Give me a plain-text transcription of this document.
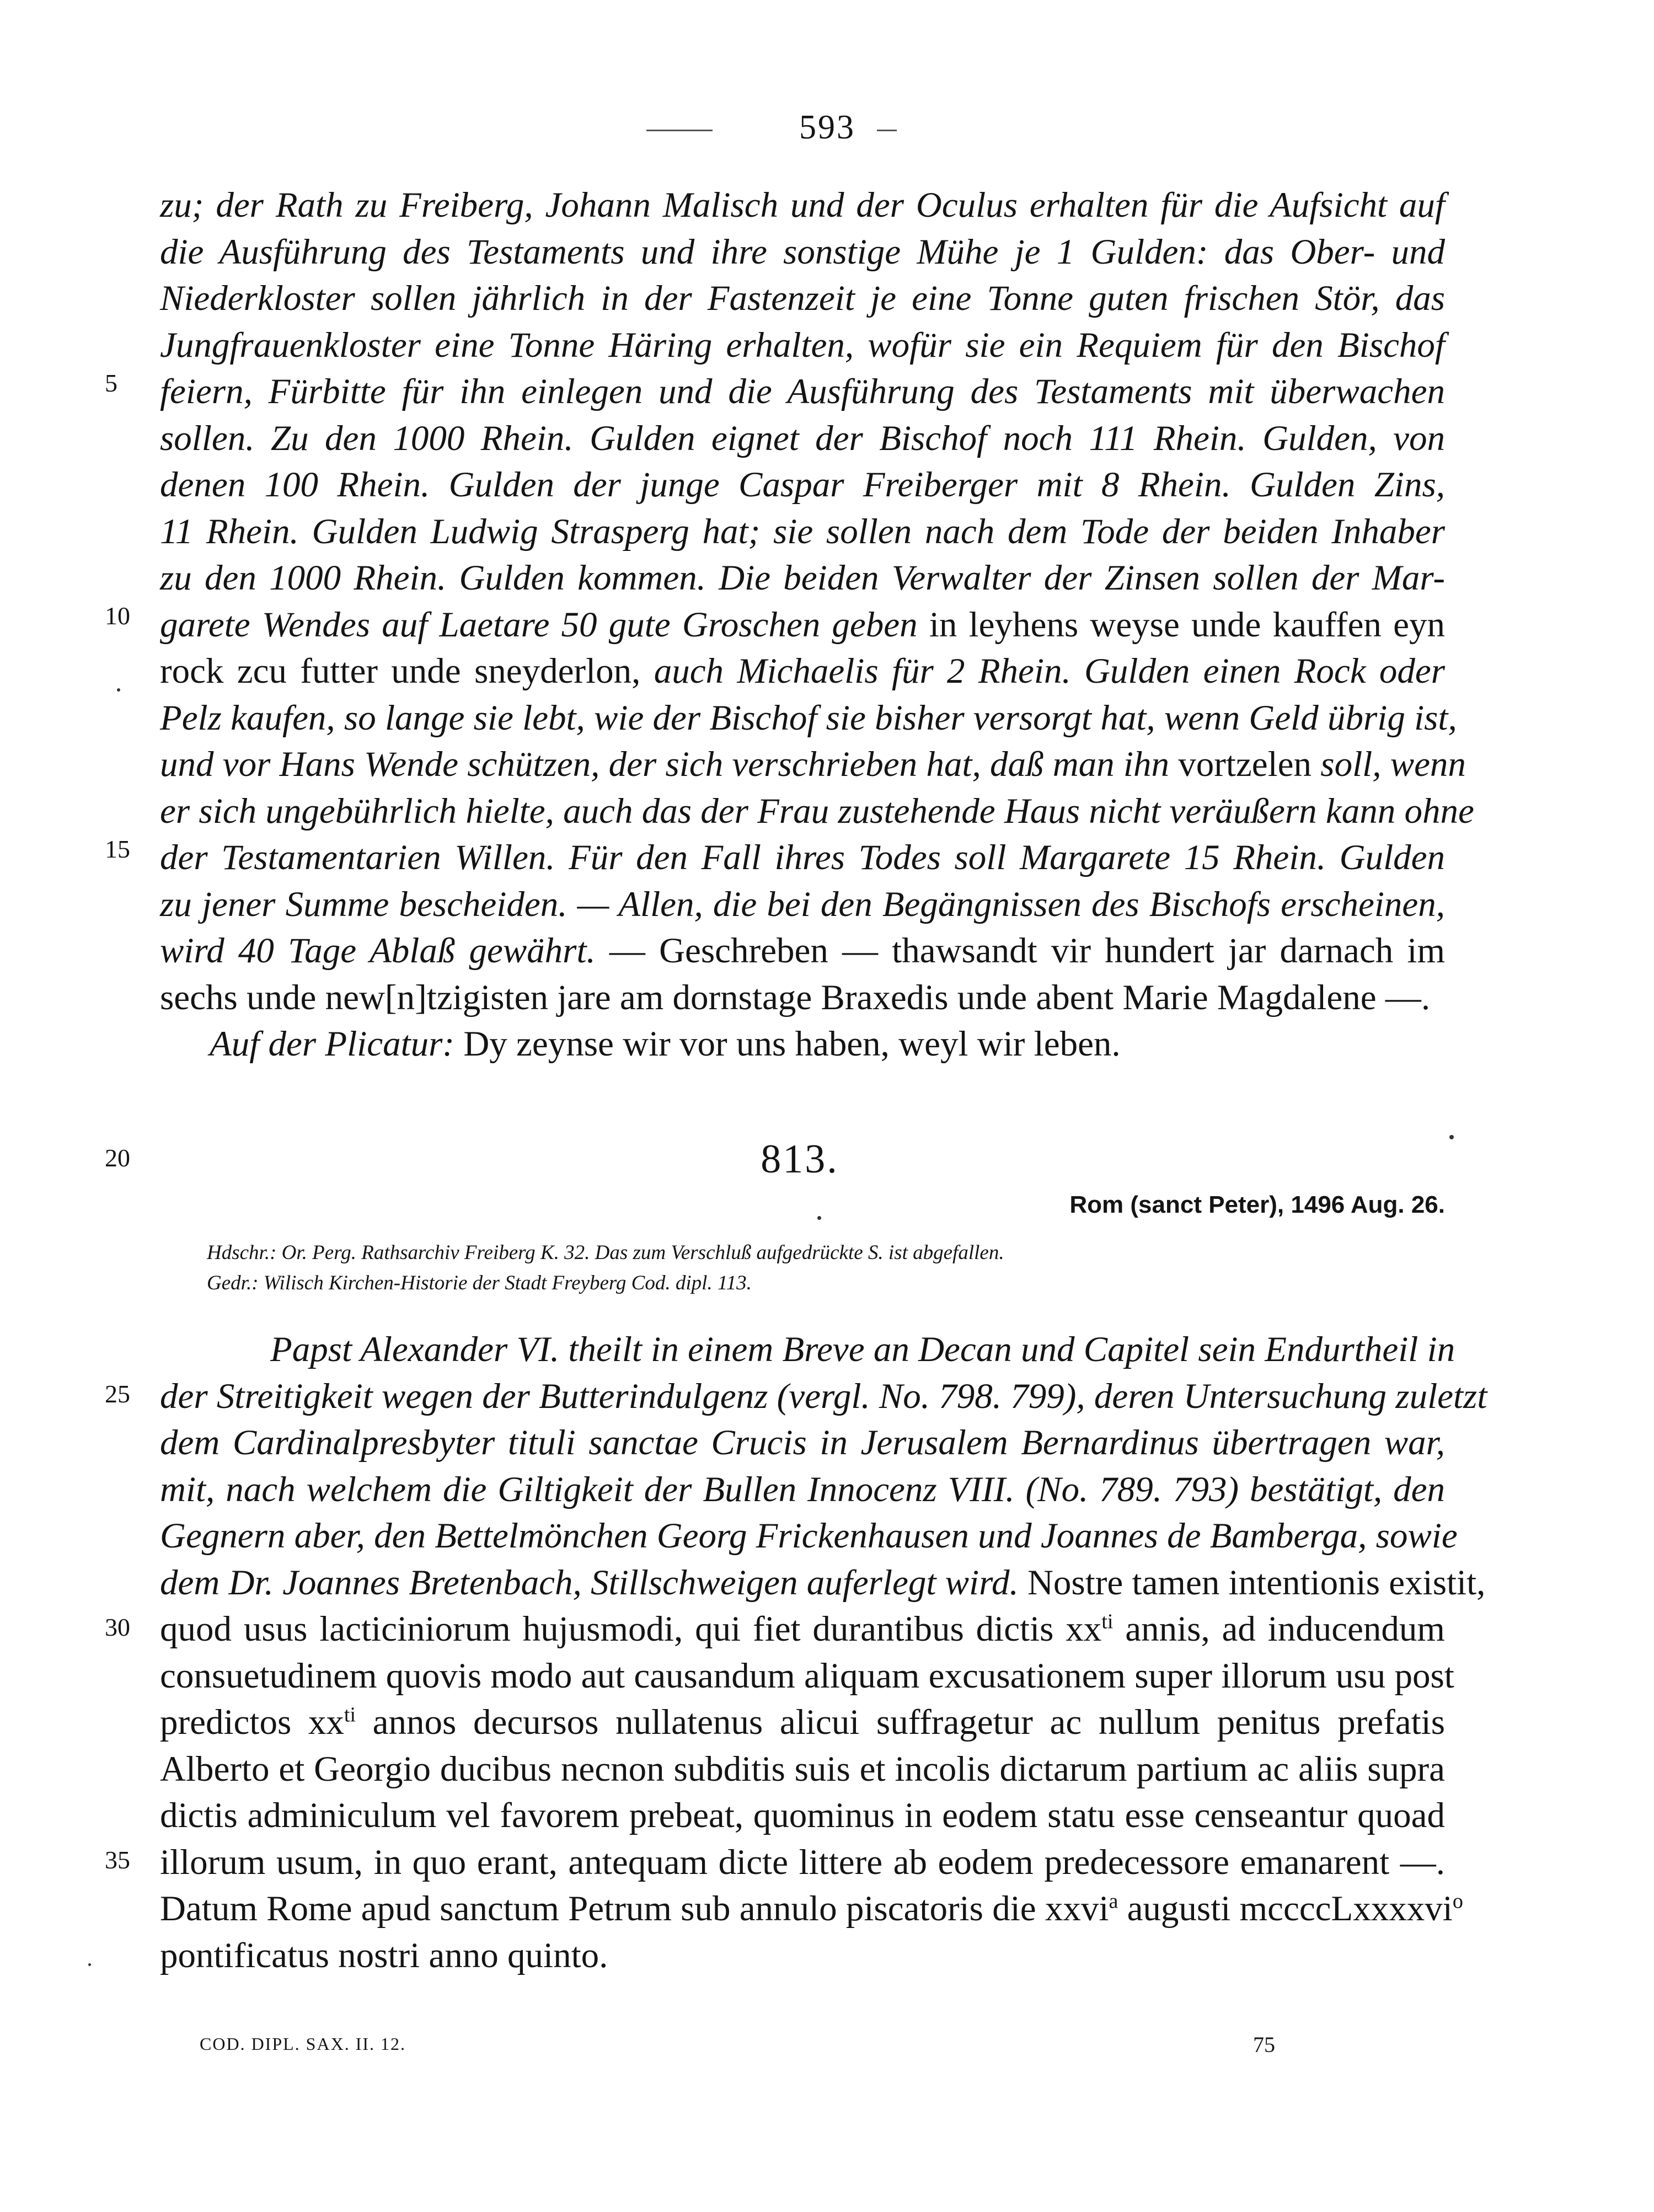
593
zu; der Rath zu Freiberg, Johann Malisch und der Oculus erhalten für die Aufsicht auf
die Ausführung des Testaments und ihre sonstige Mühe je 1 Gulden: das Ober- und
Niederkloster sollen jährlich in der Fastenzeit je eine Tonne guten frischen Stör, das
Jungfrauenkloster eine Tonne Häring erhalten, wofür sie ein Requiem für den Bischof
feiern, Fürbitte für ihn einlegen und die Ausführung des Testaments mit überwachen
sollen. Zu den 1000 Rhein. Gulden eignet der Bischof noch 111 Rhein. Gulden, von
denen 100 Rhein. Gulden der junge Caspar Freiberger mit 8 Rhein. Gulden Zins,
11 Rhein. Gulden Ludwig Strasperg hat; sie sollen nach dem Tode der beiden Inhaber
zu den 1000 Rhein. Gulden kommen. Die beiden Verwalter der Zinsen sollen der Mar-
garete Wendes auf Laetare 50 gute Groschen geben in leyhens weyse unde kauffen eyn
rock zcu futter unde sneyderlon, auch Michaelis für 2 Rhein. Gulden einen Rock oder
Pelz kaufen, so lange sie lebt, wie der Bischof sie bisher versorgt hat, wenn Geld übrig ist,
und vor Hans Wende schützen, der sich verschrieben hat, daß man ihn vortzelen soll, wenn
er sich ungebührlich hielte, auch das der Frau zustehende Haus nicht veräußern kann ohne
der Testamentarien Willen. Für den Fall ihres Todes soll Margarete 15 Rhein. Gulden
zu jener Summe bescheiden. — Allen, die bei den Begängnissen des Bischofs erscheinen,
wird 40 Tage Ablaß gewährt. — Geschreben — thawsandt vir hundert jar darnach im
sechs unde new[n]tzigisten jare am dornstage Braxedis unde abent Marie Magdalene —.
Auf der Plicatur: Dy zeynse wir vor uns haben, weyl wir leben.
5
10
15
20	813.
Rom (sanct Peter), 1496 Aug. 26.
Hdschr.: Or. Perg. Rathsarchiv Freiberg K. 32. Das zum Verschluß aufgedrückte S. ist abgefallen.
Gedr.: Wilisch Kirchen-Historie der Stadt Freyberg Cod. dipl. 113.
Papst Alexander VI. theilt in einem Breve an Decan und Capitel sein Endurtheil in
der Streitigkeit wegen der Butterindulgenz (vergl. No. 798. 799), deren Untersuchung zuletzt
dem Cardinalpresbyter tituli sanctae Crucis in Jerusalem Bernardinus übertragen war,
mit, nach welchem die Giltigkeit der Bullen Innocenz VIII. (No. 789. 793) bestätigt, den
Gegnern aber, den Bettelmönchen Georg Frickenhausen und Joannes de Bamberga, sowie
dem Dr. Joannes Bretenbach, Stillschweigen auferlegt wird. Nostre tamen intentionis existit,
quod usus lacticiniorum hujusmodi, qui fiet durantibus dictis $xx^{ti}$ annis, ad inducendum
consuetudinem quovis modo aut causandum aliquam excusationem super illorum usu post
predictos $xx^{ti}$ annos decursos nullatenus alicui suffragetur ac nullum penitus prefatis
Alberto et Georgio ducibus necnon subditis suis et incolis dictarum partium ac aliis supra
dictis adminiculum vel favorem prebeat, quominus in eodem statu esse censeantur quoad
illorum usum, in quo erant, antequam dicte littere ab eodem predecessore emanarent —.
Datum Rome apud sanctum Petrum sub annulo piscatoris die xxvi$^a$ augusti mccccLxxxxvi$^o$
pontificatus nostri anno quinto.
25
30
35
COD. DIPL. SAX. II. 12.	75
